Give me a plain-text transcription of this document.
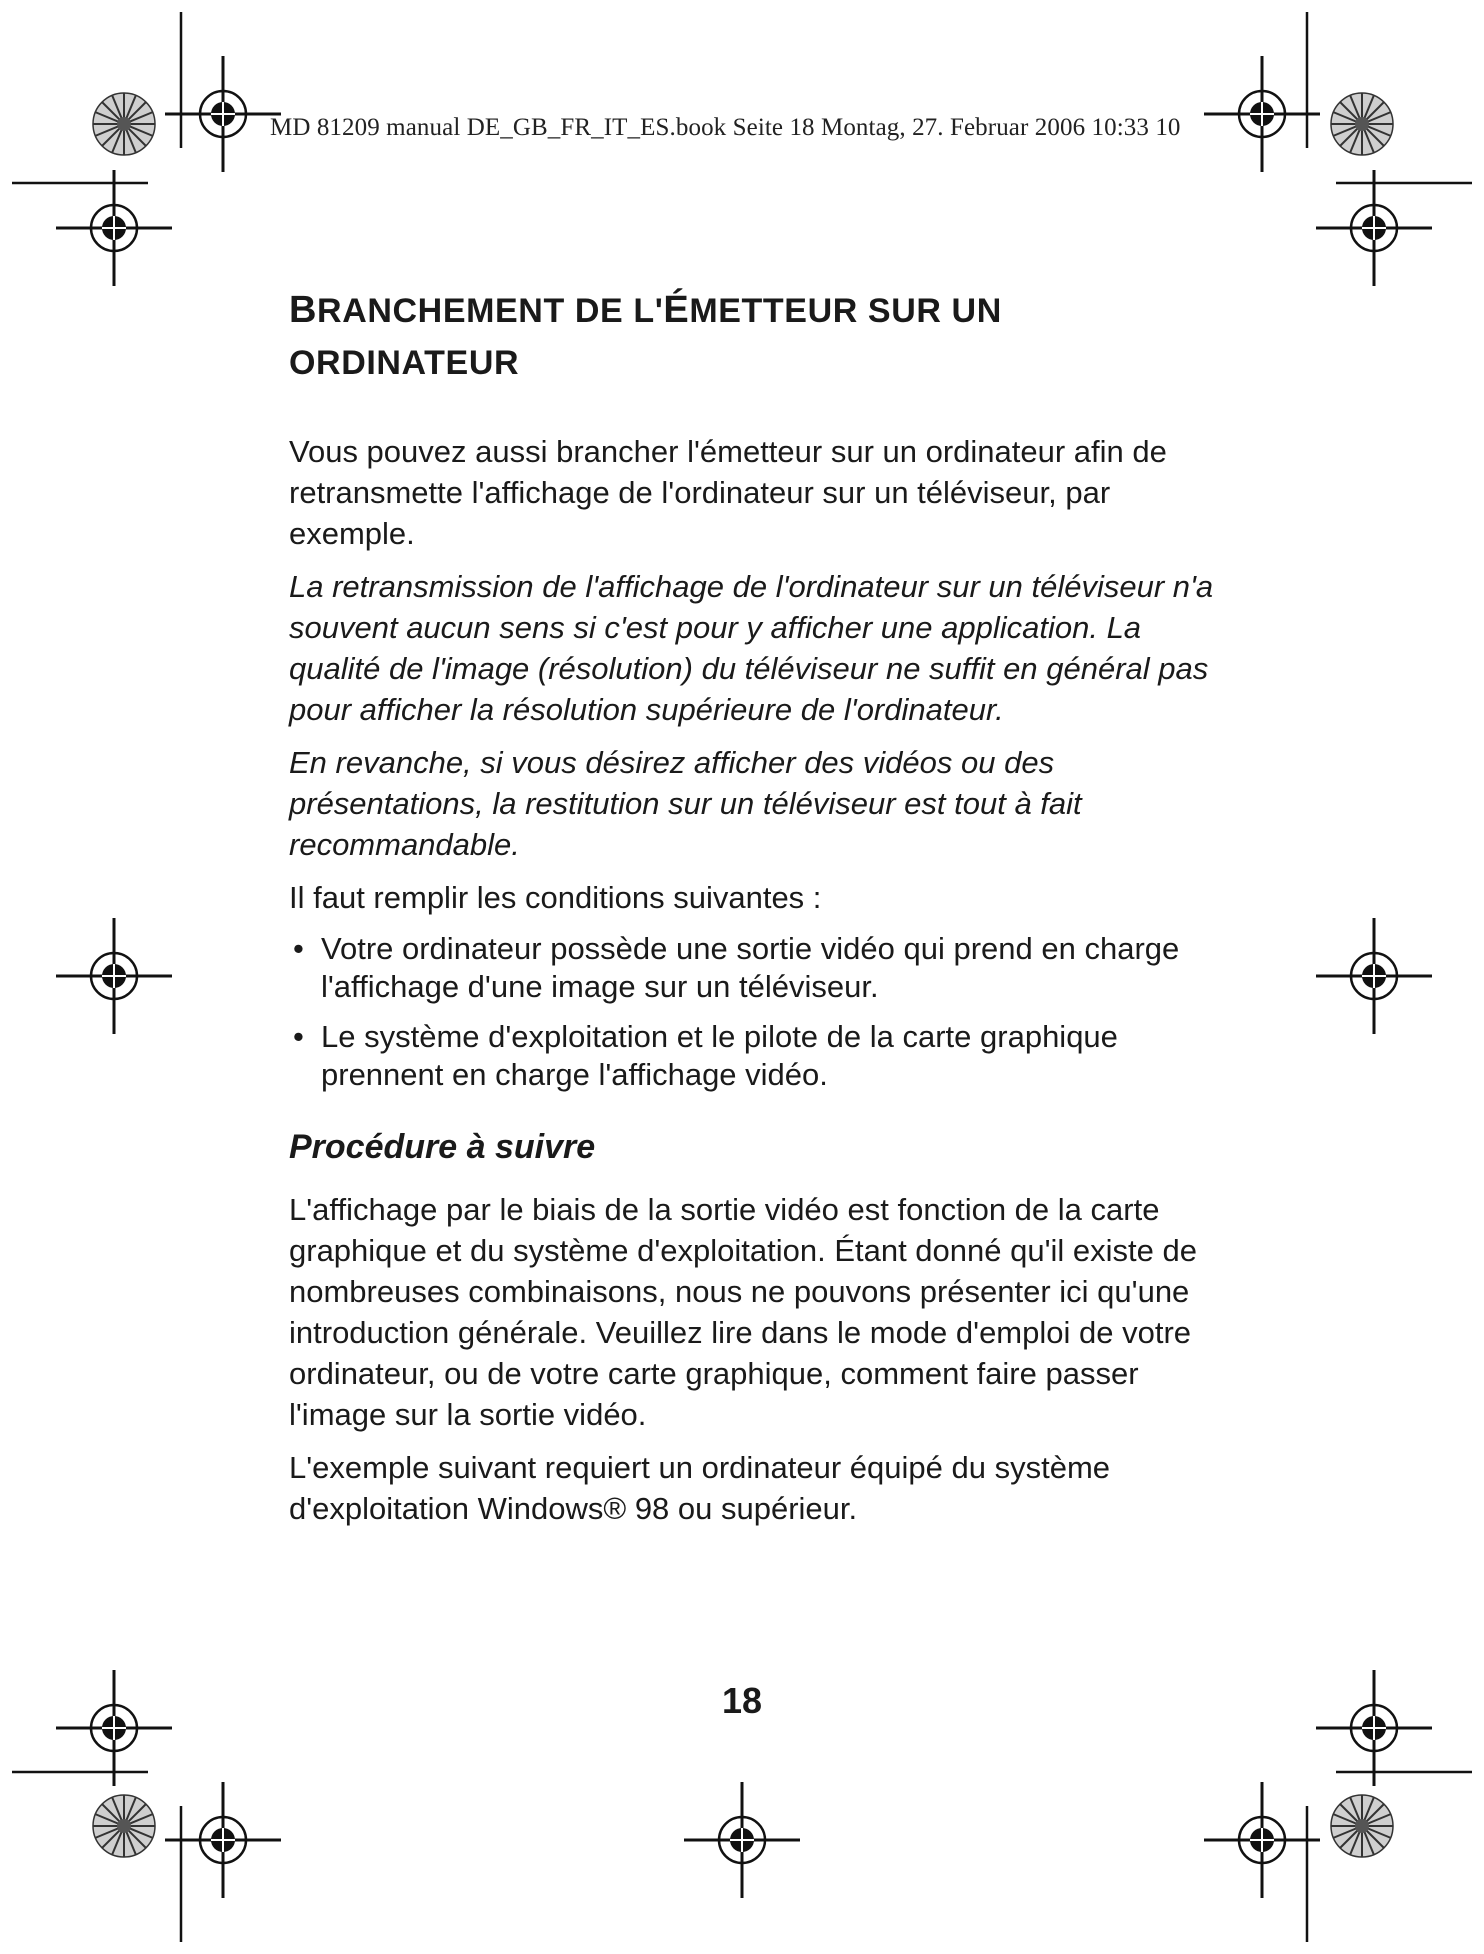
MD 81209 manual DE_GB_FR_IT_ES.book Seite 18 Montag, 27. Februar 2006 10:33 10
BRANCHEMENT DE L'ÉMETTEUR SUR UN
ORDINATEUR

Vous pouvez aussi brancher l'émetteur sur un ordinateur afin de retransmette l'affichage de l'ordinateur sur un téléviseur, par exemple.

La retransmission de l'affichage de l'ordinateur sur un téléviseur n'a souvent aucun sens si c'est pour y afficher une application. La qualité de l'image (résolution) du téléviseur ne suffit en général pas pour afficher la résolution supérieure de l'ordinateur.

En revanche, si vous désirez afficher des vidéos ou des présentations, la restitution sur un téléviseur est tout à fait recommandable.

Il faut remplir les conditions suivantes :

• Votre ordinateur possède une sortie vidéo qui prend en charge l'affichage d'une image sur un téléviseur.
• Le système d'exploitation et le pilote de la carte graphique prennent en charge l'affichage vidéo.
Procédure à suivre

L'affichage par le biais de la sortie vidéo est fonction de la carte graphique et du système d'exploitation. Étant donné qu'il existe de nombreuses combinaisons, nous ne pouvons présenter ici qu'une introduction générale. Veuillez lire dans le mode d'emploi de votre ordinateur, ou de votre carte graphique, comment faire passer l'image sur la sortie vidéo.

L'exemple suivant requiert un ordinateur équipé du système d'exploitation Windows® 98 ou supérieur.

18
